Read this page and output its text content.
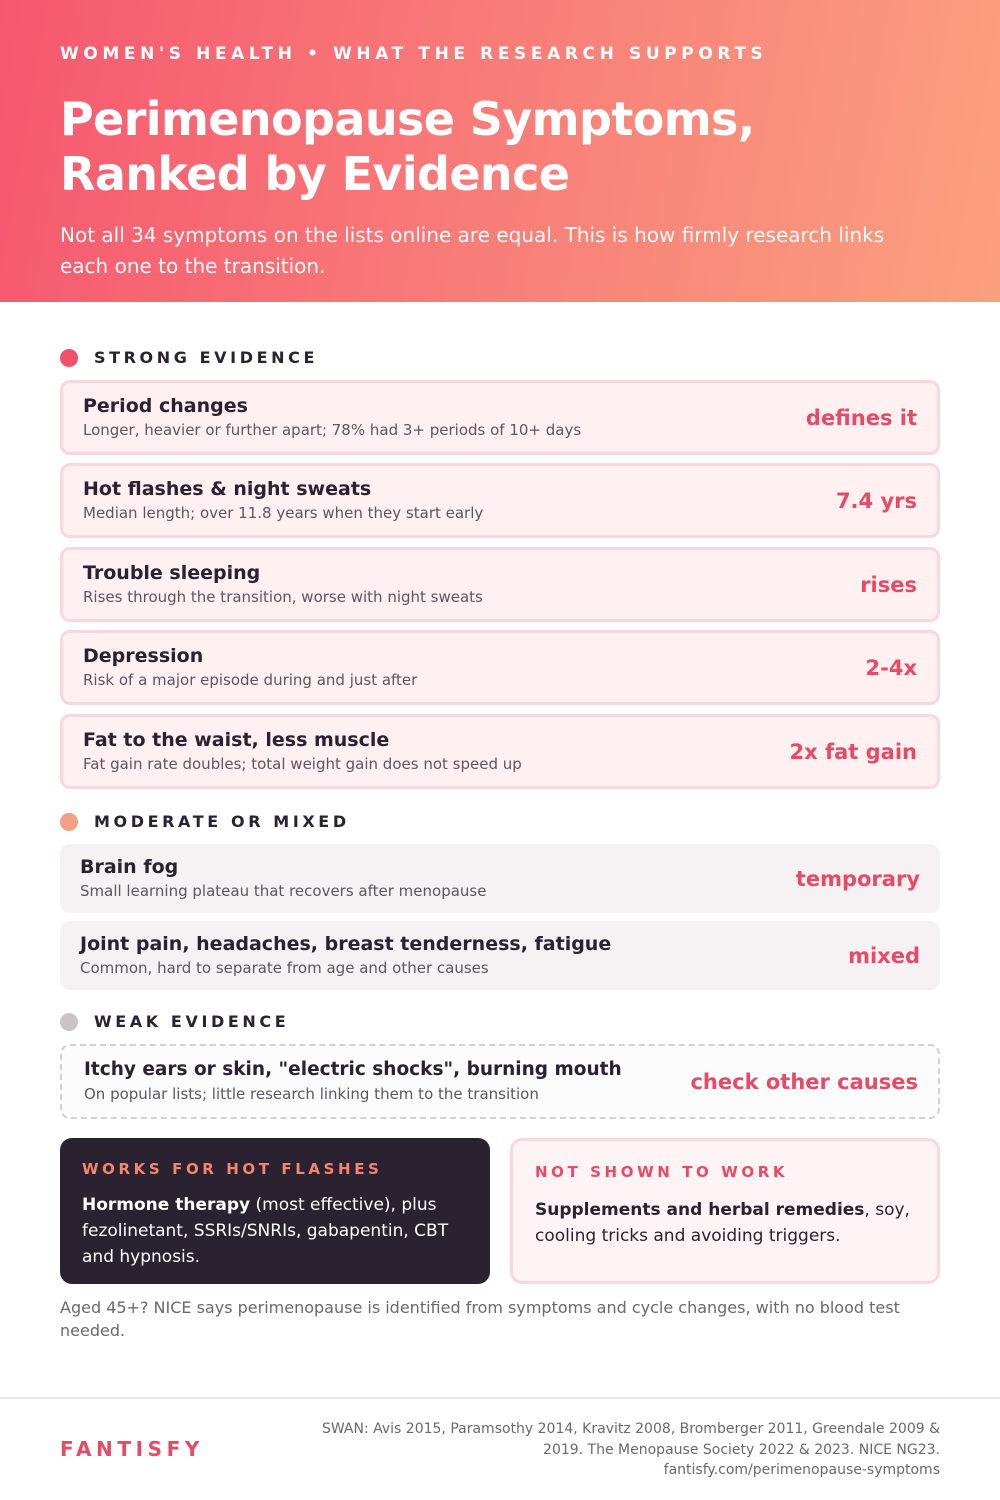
WOMEN'S HEALTH • WHAT THE RESEARCH SUPPORTS
Perimenopause Symptoms,
Ranked by Evidence
Not all 34 symptoms on the lists online are equal. This is how firmly research links each one to the transition.
STRONG EVIDENCE
Period changes
Longer, heavier or further apart; 78% had 3+ periods of 10+ days
defines it
Hot flashes & night sweats
Median length; over 11.8 years when they start early
7.4 yrs
Trouble sleeping
Rises through the transition, worse with night sweats
rises
Depression
Risk of a major episode during and just after
2-4x
Fat to the waist, less muscle
Fat gain rate doubles; total weight gain does not speed up
2x fat gain
MODERATE OR MIXED
Brain fog
Small learning plateau that recovers after menopause
temporary
Joint pain, headaches, breast tenderness, fatigue
Common, hard to separate from age and other causes
mixed
WEAK EVIDENCE
Itchy ears or skin, "electric shocks", burning mouth
On popular lists; little research linking them to the transition
check other causes
WORKS FOR HOT FLASHES
Hormone therapy (most effective), plus fezolinetant, SSRIs/SNRIs, gabapentin, CBT and hypnosis.
NOT SHOWN TO WORK
Supplements and herbal remedies, soy, cooling tricks and avoiding triggers.
Aged 45+? NICE says perimenopause is identified from symptoms and cycle changes, with no blood test needed.
FANTISFY
SWAN: Avis 2015, Paramsothy 2014, Kravitz 2008, Bromberger 2011, Greendale 2009 &
2019. The Menopause Society 2022 & 2023. NICE NG23.
fantisfy.com/perimenopause-symptoms
